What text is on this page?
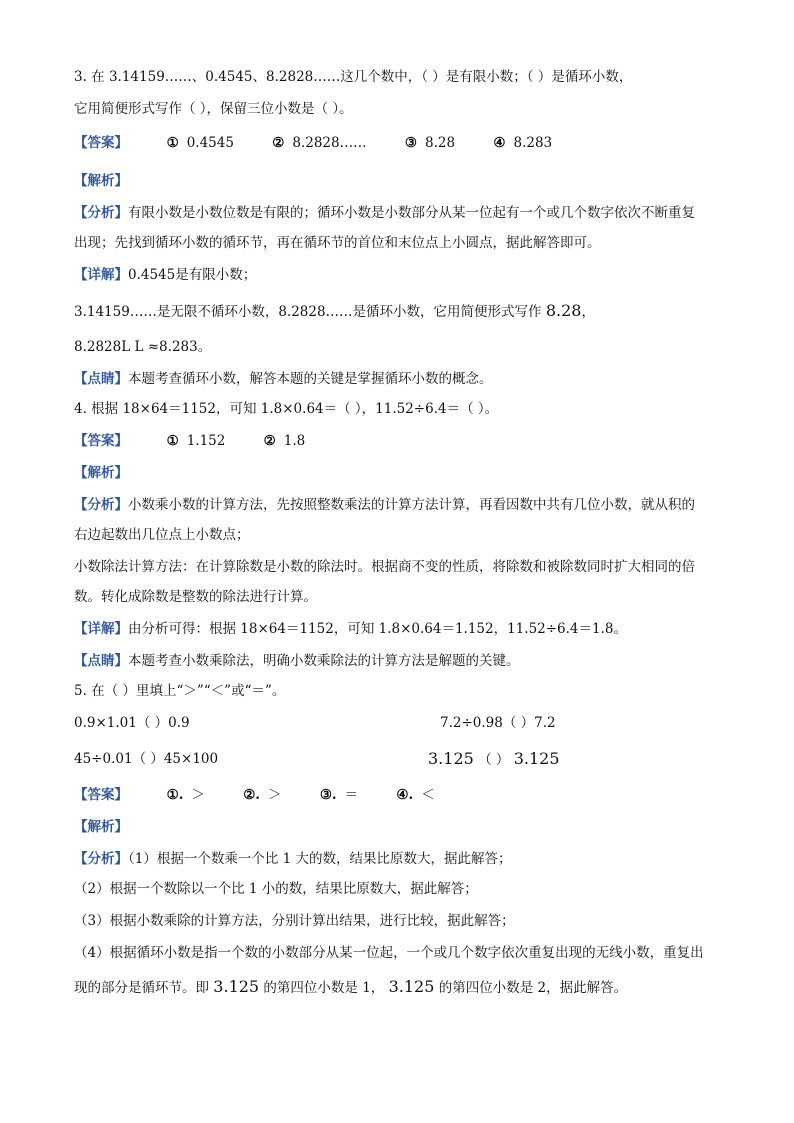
3. 在 3.14159……、0.4545、8.2828……这几个数中，（ ）是有限小数；（ ）是循环小数，
它用简便形式写作（ ），保留三位小数是（ ）。
【答案】	① 0.4545	② 8.2828……	③ 8.28	④ 8.283
【解析】
【分析】有限小数是小数位数是有限的；循环小数是小数部分从某一位起有一个或几个数字依次不断重复
出现；先找到循环小数的循环节，再在循环节的首位和末位点上小圆点，据此解答即可。
【详解】0.4545是有限小数；
3.14159……是无限不循环小数，8.2828……是循环小数，它用简便形式写作 8.28，
8.2828L L ≈8.283。
【点睛】本题考查循环小数，解答本题的关键是掌握循环小数的概念。
4. 根据 18×64＝1152，可知 1.8×0.64＝（ ），11.52÷6.4＝（ ）。
【答案】	① 1.152	② 1.8
【解析】
【分析】小数乘小数的计算方法，先按照整数乘法的计算方法计算，再看因数中共有几位小数，就从积的
右边起数出几位点上小数点；
小数除法计算方法：在计算除数是小数的除法时。根据商不变的性质，将除数和被除数同时扩大相同的倍
数。转化成除数是整数的除法进行计算。
【详解】由分析可得：根据 18×64＝1152，可知 1.8×0.64＝1.152，11.52÷6.4＝1.8。
【点睛】本题考查小数乘除法，明确小数乘除法的计算方法是解题的关键。
5. 在（ ）里填上“＞”“＜”或“＝”。
0.9×1.01（ ）0.9	7.2÷0.98（ ）7.2
45÷0.01（ ）45×100	3.125 （ ） 3.125
【答案】	①. ＞	②. ＞	③. ＝	④. ＜
【解析】
【分析】（1）根据一个数乘一个比 1 大的数，结果比原数大，据此解答；
（2）根据一个数除以一个比 1 小的数，结果比原数大，据此解答；
（3）根据小数乘除的计算方法，分别计算出结果，进行比较，据此解答；
（4）根据循环小数是指一个数的小数部分从某一位起，一个或几个数字依次重复出现的无线小数，重复出
现的部分是循环节。即 3.125 的第四位小数是 1， 3.125 的第四位小数是 2，据此解答。
